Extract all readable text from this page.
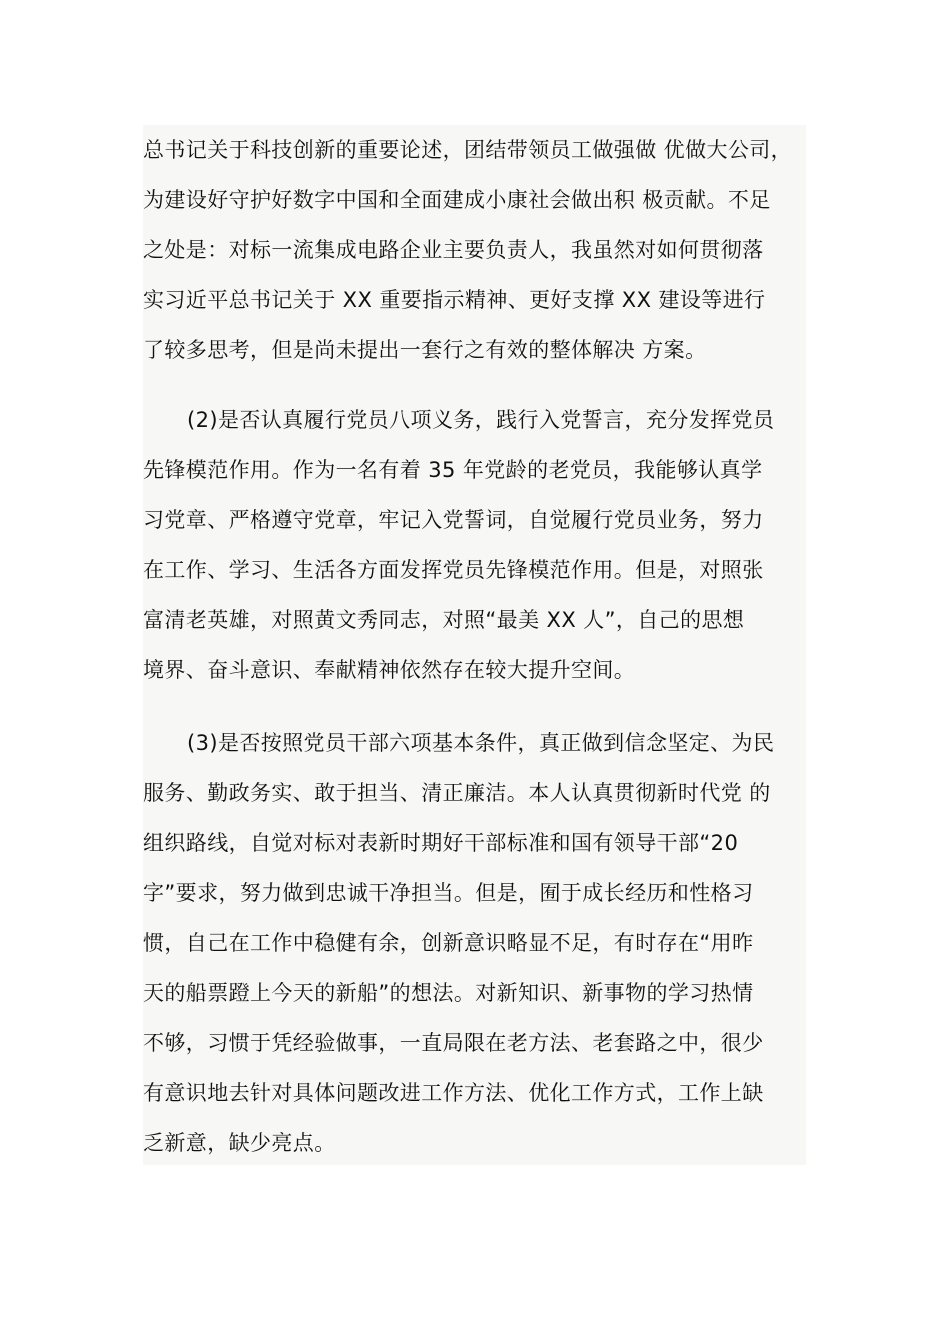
总书记关于科技创新的重要论述，团结带领员工做强做 优做大公司，
为建设好守护好数字中国和全面建成小康社会做出积 极贡献。不足
之处是：对标一流集成电路企业主要负责人，我虽然对如何贯彻落
实习近平总书记关于 XX 重要指示精神、更好支撑 XX 建设等进行
了较多思考，但是尚未提出一套行之有效的整体解决 方案。
(2)是否认真履行党员八项义务，践行入党誓言，充分发挥党员
先锋模范作用。作为一名有着 35 年党龄的老党员，我能够认真学
习党章、严格遵守党章，牢记入党誓词，自觉履行党员业务，努力
在工作、学习、生活各方面发挥党员先锋模范作用。但是，对照张
富清老英雄，对照黄文秀同志，对照“最美 XX 人”，自己的思想
境界、奋斗意识、奉献精神依然存在较大提升空间。
(3)是否按照党员干部六项基本条件，真正做到信念坚定、为民
服务、勤政务实、敢于担当、清正廉洁。本人认真贯彻新时代党 的
组织路线，自觉对标对表新时期好干部标准和国有领导干部“20
字”要求，努力做到忠诚干净担当。但是，囿于成长经历和性格习
惯，自己在工作中稳健有余，创新意识略显不足，有时存在“用昨
天的船票蹬上今天的新船”的想法。对新知识、新事物的学习热情
不够，习惯于凭经验做事，一直局限在老方法、老套路之中，很少
有意识地去针对具体问题改进工作方法、优化工作方式，工作上缺
乏新意，缺少亮点。
